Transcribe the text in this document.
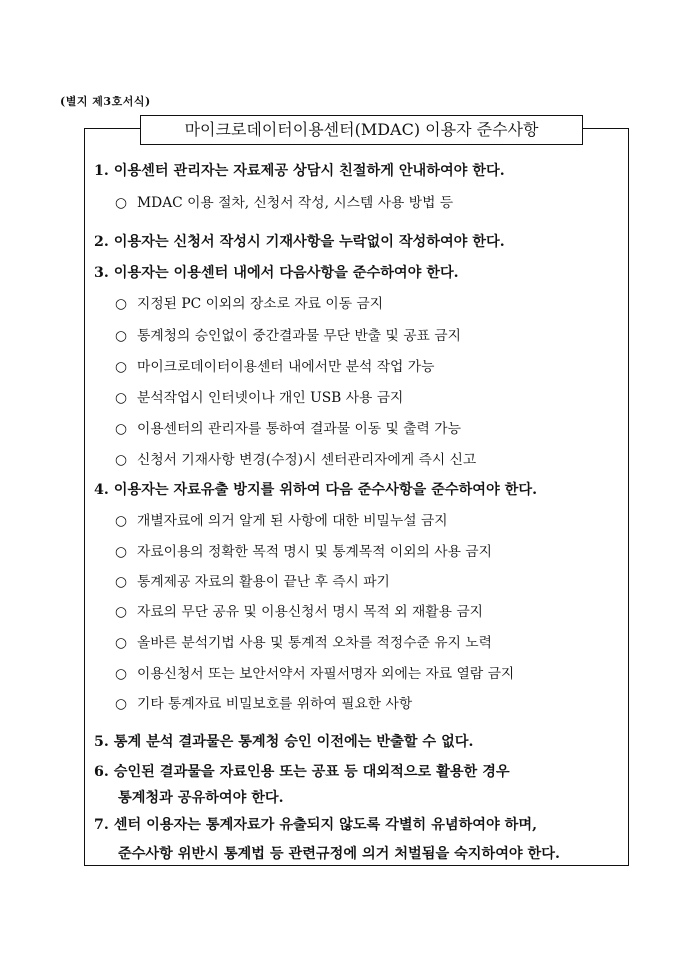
(별지 제3호서식)
마이크로데이터이용센터(MDAC) 이용자 준수사항
1. 이용센터 관리자는 자료제공 상담시 친절하게 안내하여야 한다.
○ MDAC 이용 절차, 신청서 작성, 시스템 사용 방법 등
2. 이용자는 신청서 작성시 기재사항을 누락없이 작성하여야 한다.
3. 이용자는 이용센터 내에서 다음사항을 준수하여야 한다.
○ 지정된 PC 이외의 장소로 자료 이동 금지
○ 통계청의 승인없이 중간결과물 무단 반출 및 공표 금지
○ 마이크로데이터이용센터 내에서만 분석 작업 가능
○ 분석작업시 인터넷이나 개인 USB 사용 금지
○ 이용센터의 관리자를 통하여 결과물 이동 및 출력 가능
○ 신청서 기재사항 변경(수정)시 센터관리자에게 즉시 신고
4. 이용자는 자료유출 방지를 위하여 다음 준수사항을 준수하여야 한다.
○ 개별자료에 의거 알게 된 사항에 대한 비밀누설 금지
○ 자료이용의 정확한 목적 명시 및 통계목적 이외의 사용 금지
○ 통계제공 자료의 활용이 끝난 후 즉시 파기
○ 자료의 무단 공유 및 이용신청서 명시 목적 외 재활용 금지
○ 올바른 분석기법 사용 및 통계적 오차를 적정수준 유지 노력
○ 이용신청서 또는 보안서약서 자필서명자 외에는 자료 열람 금지
○ 기타 통계자료 비밀보호를 위하여 필요한 사항
5. 통계 분석 결과물은 통계청 승인 이전에는 반출할 수 없다.
6. 승인된 결과물을 자료인용 또는 공표 등 대외적으로 활용한 경우
통계청과 공유하여야 한다.
7. 센터 이용자는 통계자료가 유출되지 않도록 각별히 유념하여야 하며,
준수사항 위반시 통계법 등 관련규정에 의거 처벌됨을 숙지하여야 한다.
